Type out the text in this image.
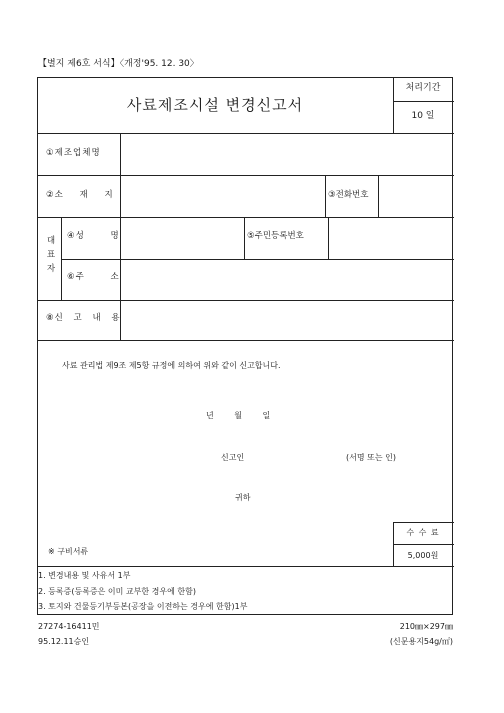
【별지 제6호 서식】〈개정'95. 12. 30〉
사료제조시설 변경신고서
처리기간
10 일
①제조업체명
②소 재 지	③전화번호
대
표
자
④성 명	⑤주민등록번호
⑥주 소
⑧신 고 내 용
사료 관리법 제9조 제5항 규정에 의하여 위와 같이 신고합니다.
년 월 일
신고인	(서명 또는 인)
귀하
수 수 료
5,000원
※ 구비서류
1. 변경내용 및 사유서 1부
2. 등록증(등록증은 이미 교부한 경우에 한함)
3. 토지와 건물등기부등본(공장을 이전하는 경우에 한함)1부
27274-16411민
95.12.11승인
210㎜×297㎜
(신문용지54g/㎡)
